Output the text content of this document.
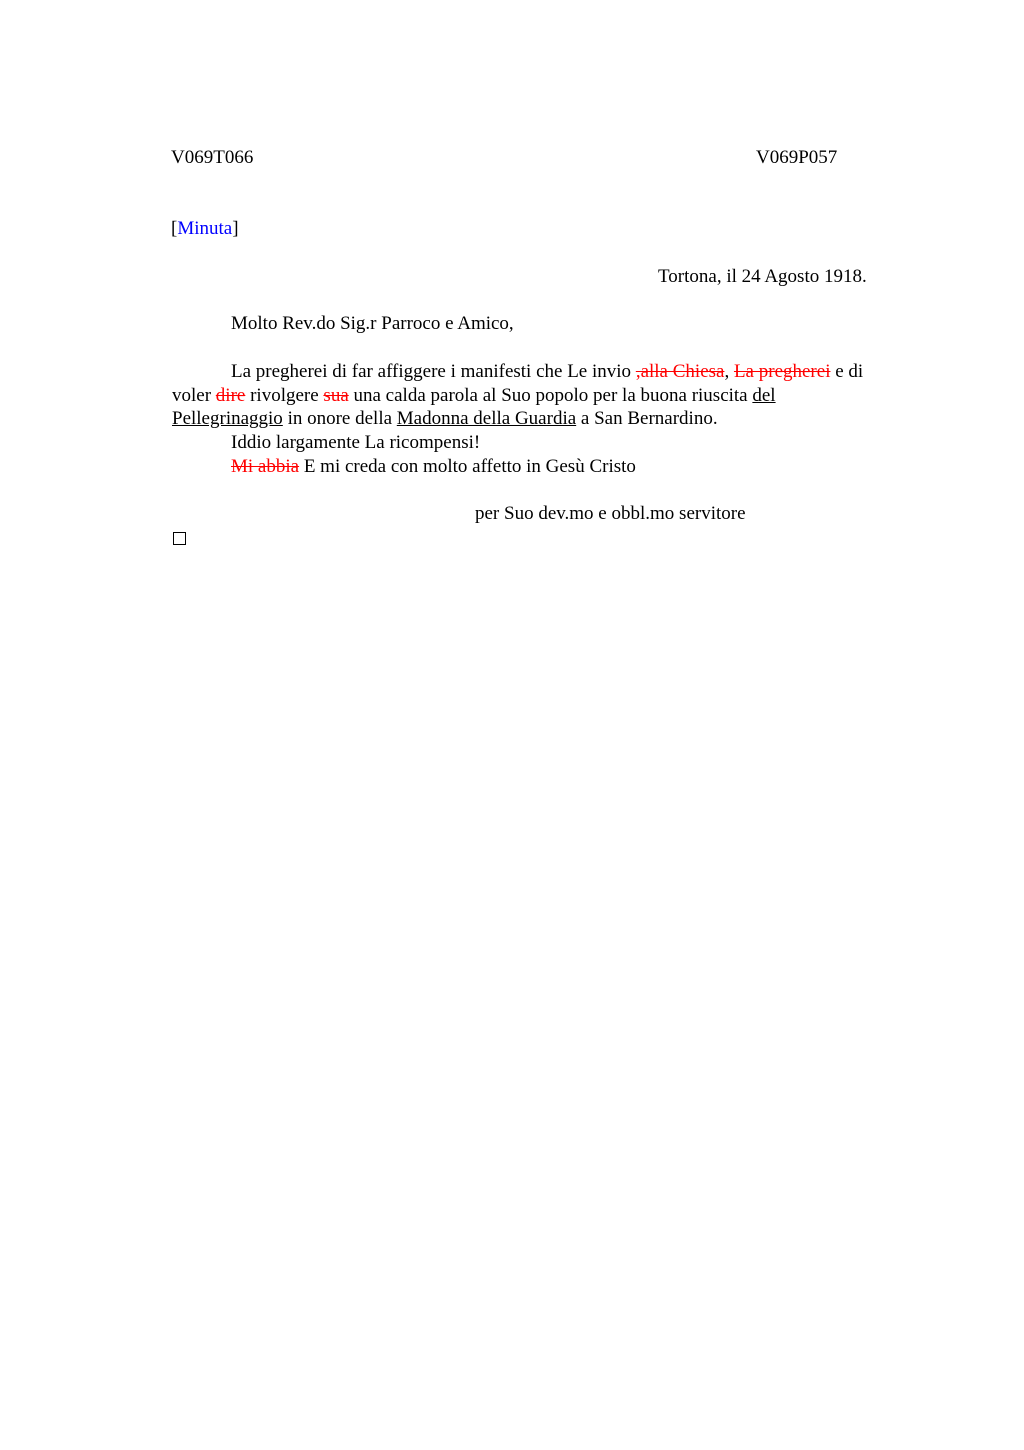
V069T066	V069P057
[Minuta]
Tortona, il 24 Agosto 1918.
Molto Rev.do Sig.r Parroco e Amico,
La pregherei di far affiggere i manifesti che Le invio ,alla Chiesa, La pregherei e di
voler dire rivolgere sua una calda parola al Suo popolo per la buona riuscita del
Pellegrinaggio in onore della Madonna della Guardia a San Bernardino.
Iddio largamente La ricompensi!
Mi abbia E mi creda con molto affetto in Gesù Cristo
per Suo dev.mo e obbl.mo servitore
